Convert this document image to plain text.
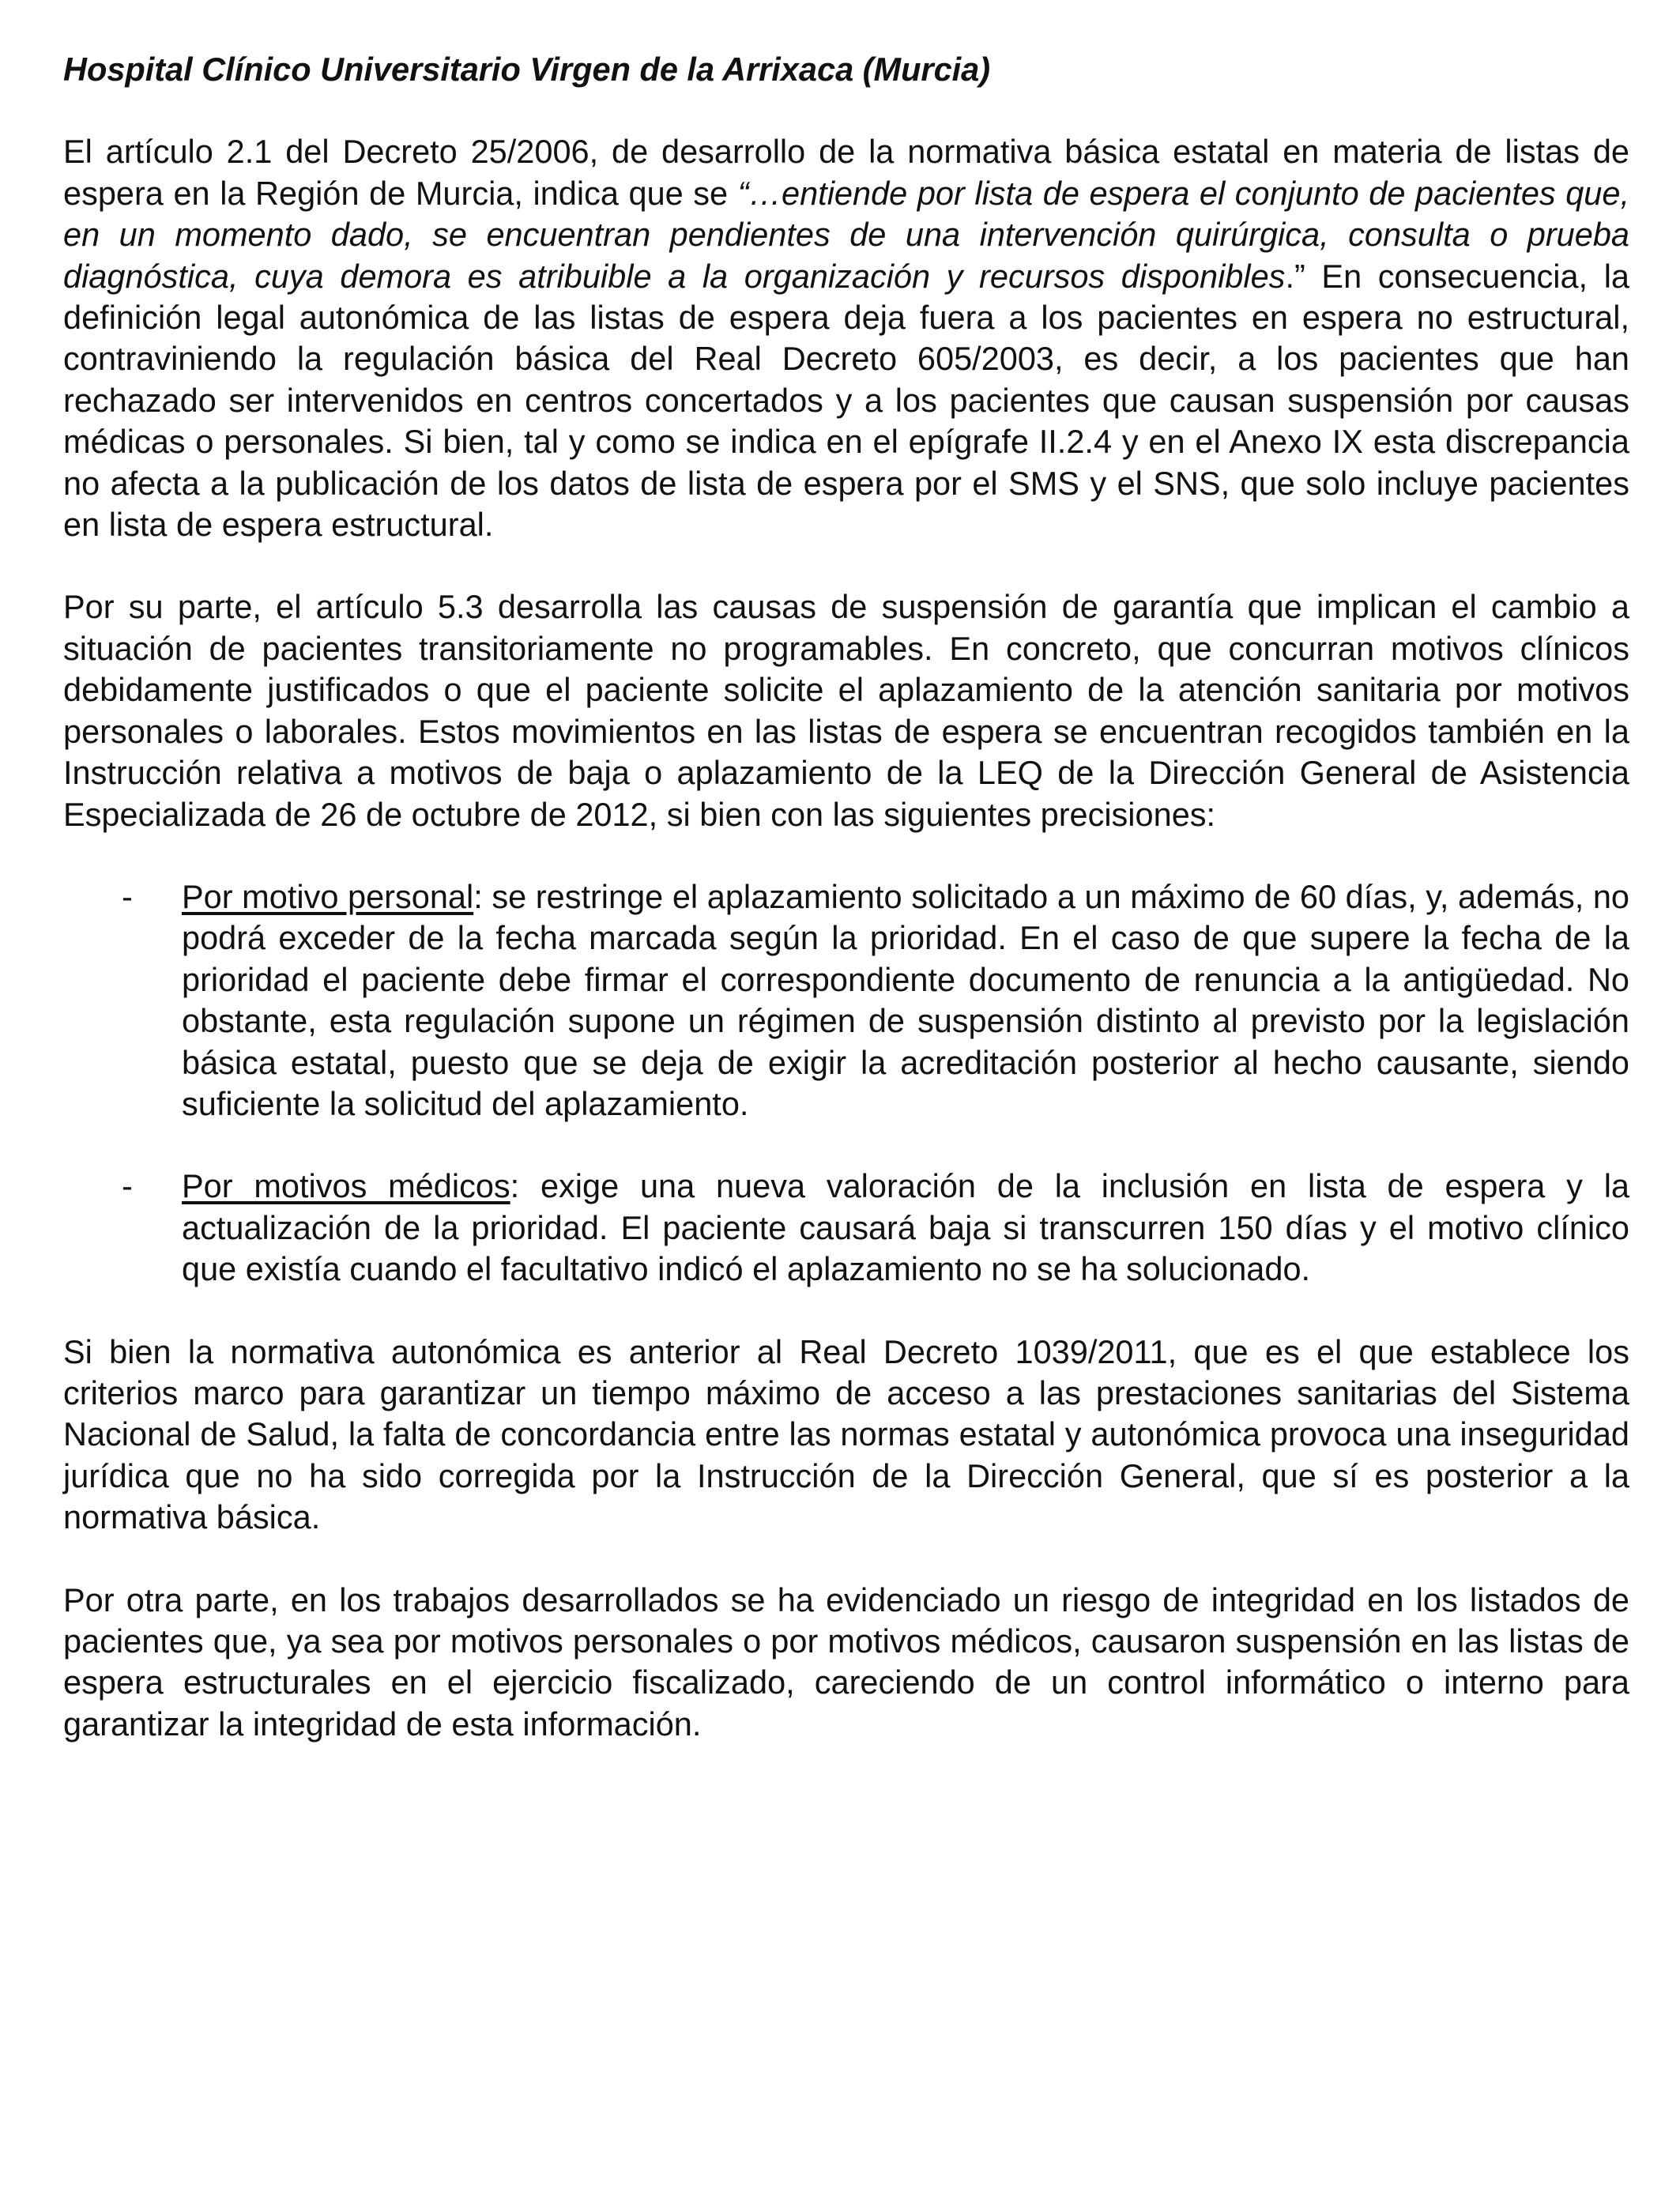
Hospital Clínico Universitario Virgen de la Arrixaca (Murcia)

El artículo 2.1 del Decreto 25/2006, de desarrollo de la normativa básica estatal en materia de listas de espera en la Región de Murcia, indica que se “…entiende por lista de espera el conjunto de pacientes que, en un momento dado, se encuentran pendientes de una intervención quirúrgica, consulta o prueba diagnóstica, cuya demora es atribuible a la organización y recursos disponibles.” En consecuencia, la definición legal autonómica de las listas de espera deja fuera a los pacientes en espera no estructural, contraviniendo la regulación básica del Real Decreto 605/2003, es decir, a los pacientes que han rechazado ser intervenidos en centros concertados y a los pacientes que causan suspensión por causas médicas o personales. Si bien, tal y como se indica en el epígrafe II.2.4 y en el Anexo IX esta discrepancia no afecta a la publicación de los datos de lista de espera por el SMS y el SNS, que solo incluye pacientes en lista de espera estructural.

Por su parte, el artículo 5.3 desarrolla las causas de suspensión de garantía que implican el cambio a situación de pacientes transitoriamente no programables. En concreto, que concurran motivos clínicos debidamente justificados o que el paciente solicite el aplazamiento de la atención sanitaria por motivos personales o laborales. Estos movimientos en las listas de espera se encuentran recogidos también en la Instrucción relativa a motivos de baja o aplazamiento de la LEQ de la Dirección General de Asistencia Especializada de 26 de octubre de 2012, si bien con las siguientes precisiones:

- Por motivo personal: se restringe el aplazamiento solicitado a un máximo de 60 días, y, además, no podrá exceder de la fecha marcada según la prioridad. En el caso de que supere la fecha de la prioridad el paciente debe firmar el correspondiente documento de renuncia a la antigüedad. No obstante, esta regulación supone un régimen de suspensión distinto al previsto por la legislación básica estatal, puesto que se deja de exigir la acreditación posterior al hecho causante, siendo suficiente la solicitud del aplazamiento.
- Por motivos médicos: exige una nueva valoración de la inclusión en lista de espera y la actualización de la prioridad. El paciente causará baja si transcurren 150 días y el motivo clínico que existía cuando el facultativo indicó el aplazamiento no se ha solucionado.

Si bien la normativa autonómica es anterior al Real Decreto 1039/2011, que es el que establece los criterios marco para garantizar un tiempo máximo de acceso a las prestaciones sanitarias del Sistema Nacional de Salud, la falta de concordancia entre las normas estatal y autonómica provoca una inseguridad jurídica que no ha sido corregida por la Instrucción de la Dirección General, que sí es posterior a la normativa básica.

Por otra parte, en los trabajos desarrollados se ha evidenciado un riesgo de integridad en los listados de pacientes que, ya sea por motivos personales o por motivos médicos, causaron suspensión en las listas de espera estructurales en el ejercicio fiscalizado, careciendo de un control informático o interno para garantizar la integridad de esta información.
